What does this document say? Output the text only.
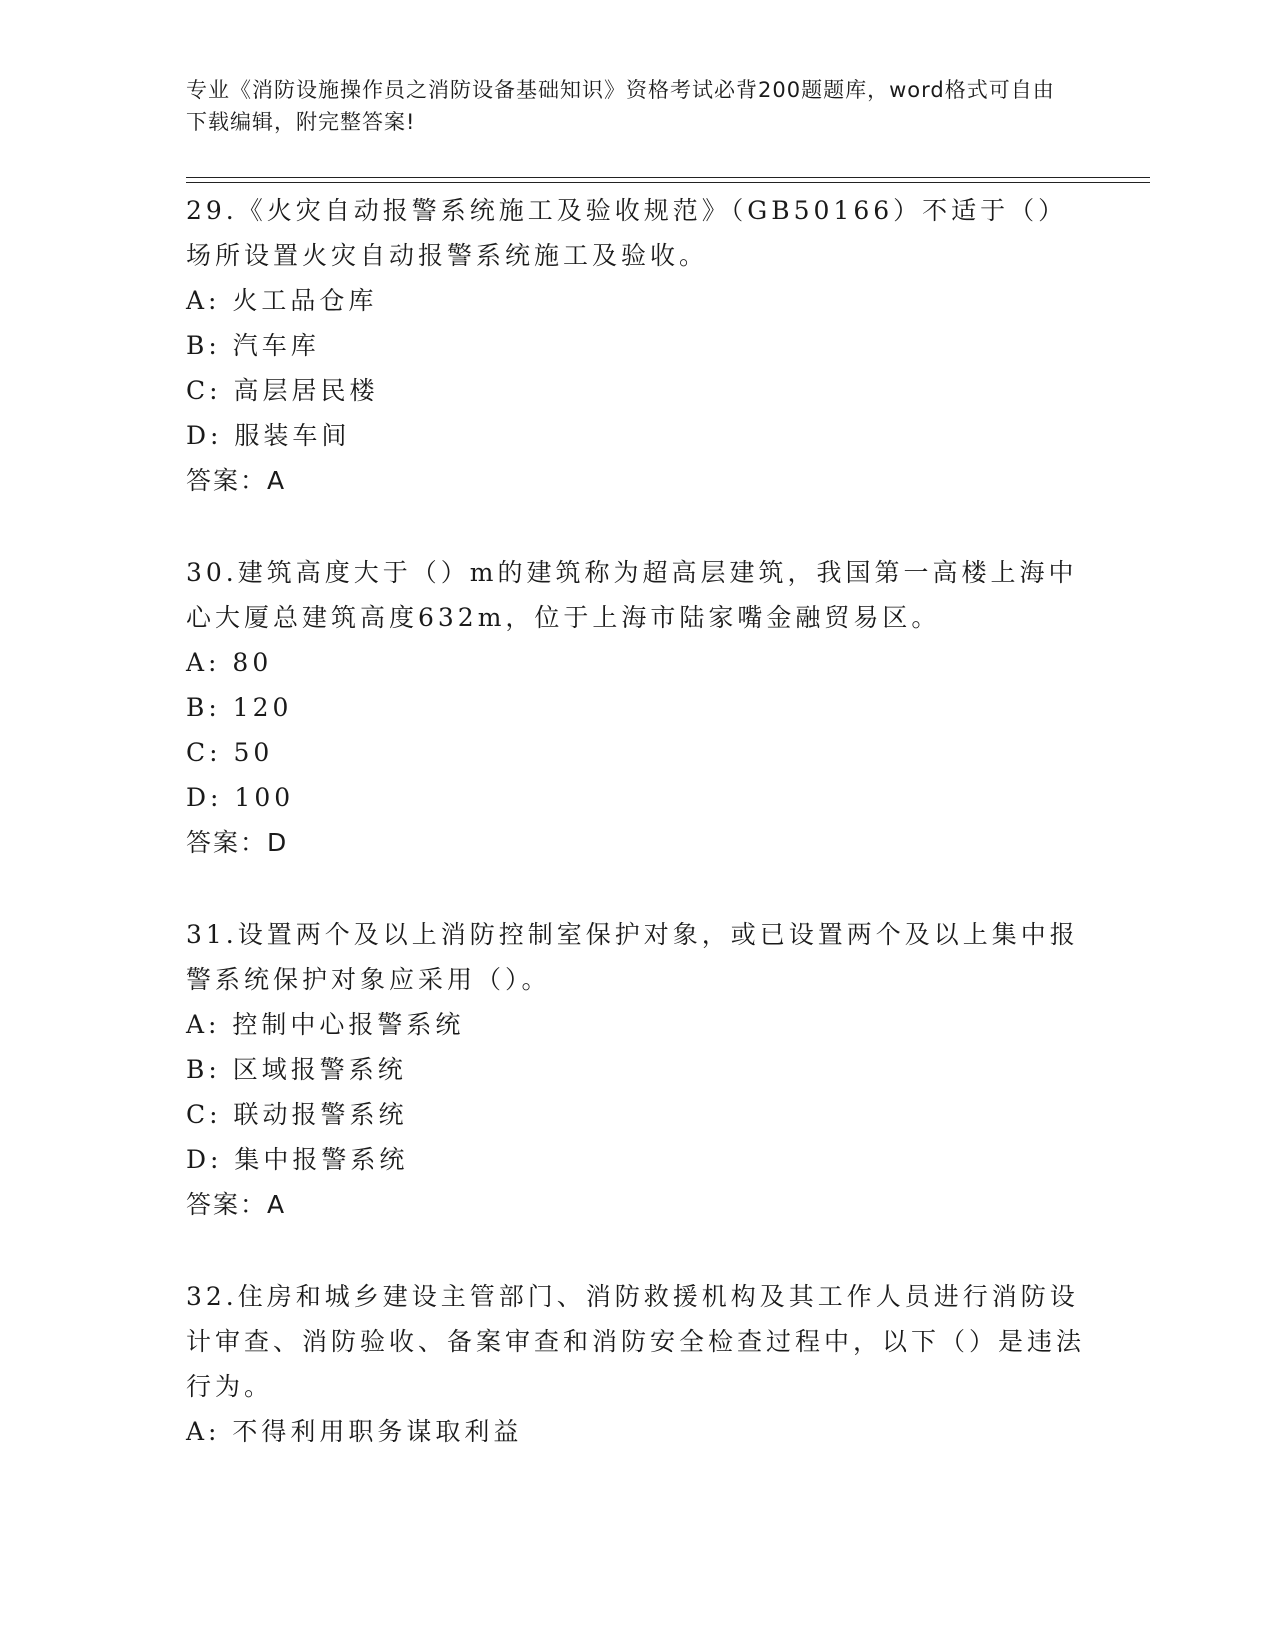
专业《消防设施操作员之消防设备基础知识》资格考试必背200题题库，word格式可自由下载编辑，附完整答案!

29.《火灾自动报警系统施工及验收规范》（GB50166）不适于（）场所设置火灾自动报警系统施工及验收。

A: 火工品仓库

B: 汽车库

C: 高层居民楼

D: 服装车间

答案：A

30.建筑高度大于（）m的建筑称为超高层建筑，我国第一高楼上海中心大厦总建筑高度632m，位于上海市陆家嘴金融贸易区。

A: 80

B: 120

C: 50

D: 100

答案：D

31.设置两个及以上消防控制室保护对象，或已设置两个及以上集中报警系统保护对象应采用（）。

A: 控制中心报警系统

B: 区域报警系统

C: 联动报警系统

D: 集中报警系统

答案：A

32.住房和城乡建设主管部门、消防救援机构及其工作人员进行消防设计审查、消防验收、备案审查和消防安全检查过程中，以下（）是违法行为。

A: 不得利用职务谋取利益
